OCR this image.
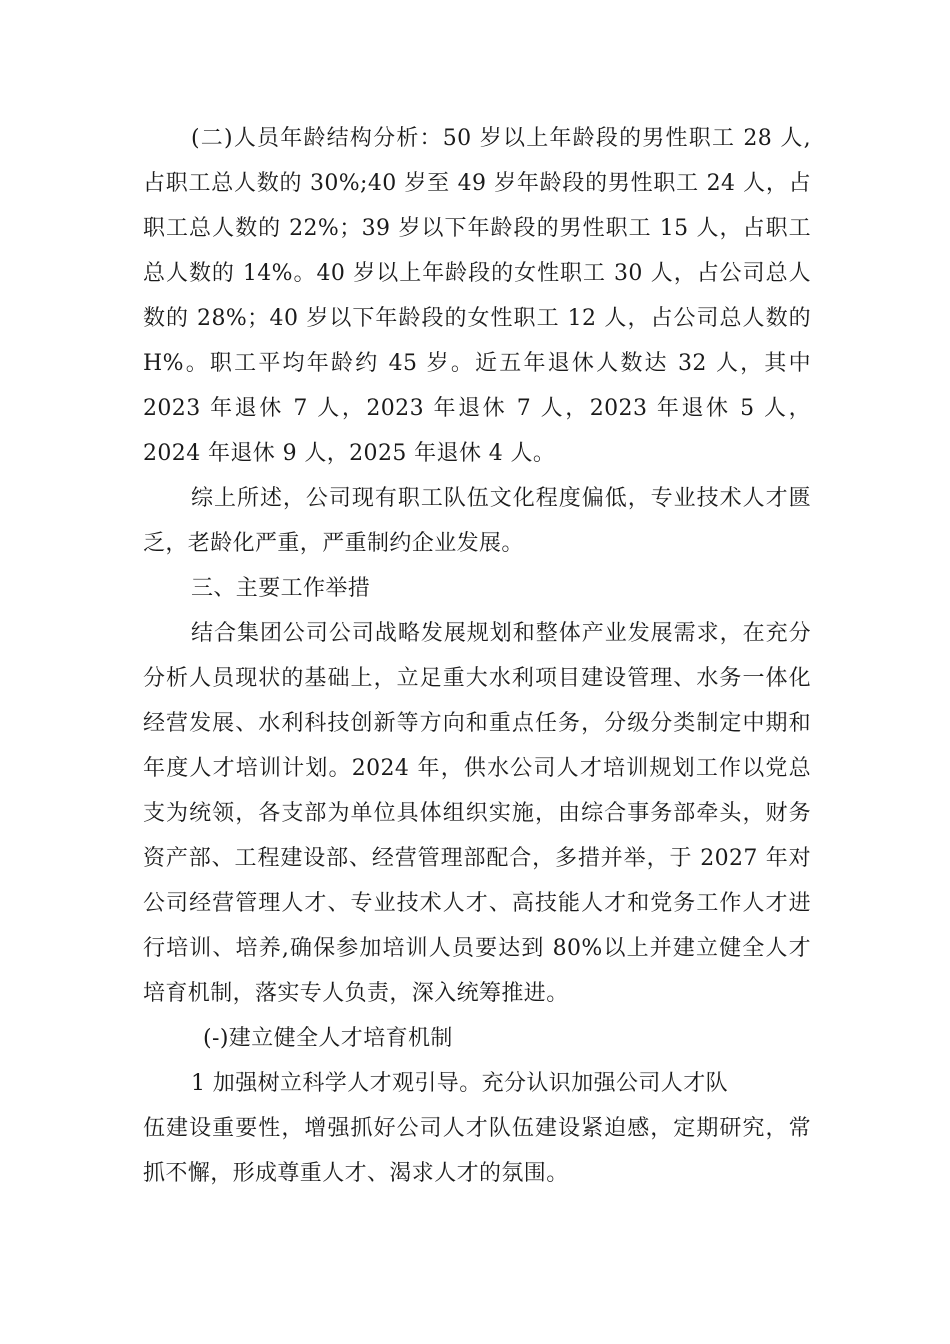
(二)人员年龄结构分析：50 岁以上年龄段的男性职工 28 人,占职工总人数的 30%;40 岁至 49 岁年龄段的男性职工 24 人，占职工总人数的 22%；39 岁以下年龄段的男性职工 15 人，占职工总人数的 14%。40 岁以上年龄段的女性职工 30 人，占公司总人数的 28%；40 岁以下年龄段的女性职工 12 人，占公司总人数的 H%。职工平均年龄约 45 岁。近五年退休人数达 32 人，其中 2023 年退休 7 人，2023 年退休 7 人，2023 年退休 5 人，2024 年退休 9 人，2025 年退休 4 人。

综上所述，公司现有职工队伍文化程度偏低，专业技术人才匮乏，老龄化严重，严重制约企业发展。

三、主要工作举措

结合集团公司公司战略发展规划和整体产业发展需求，在充分分析人员现状的基础上，立足重大水利项目建设管理、水务一体化经营发展、水利科技创新等方向和重点任务，分级分类制定中期和年度人才培训计划。2024 年，供水公司人才培训规划工作以党总支为统领，各支部为单位具体组织实施，由综合事务部牵头，财务资产部、工程建设部、经营管理部配合，多措并举，于 2027 年对公司经营管理人才、专业技术人才、高技能人才和党务工作人才进行培训、培养,确保参加培训人员要达到 80%以上并建立健全人才培育机制，落实专人负责，深入统筹推进。

(-)建立健全人才培育机制

1 加强树立科学人才观引导。充分认识加强公司人才队

伍建设重要性，增强抓好公司人才队伍建设紧迫感，定期研究，常抓不懈，形成尊重人才、渴求人才的氛围。
